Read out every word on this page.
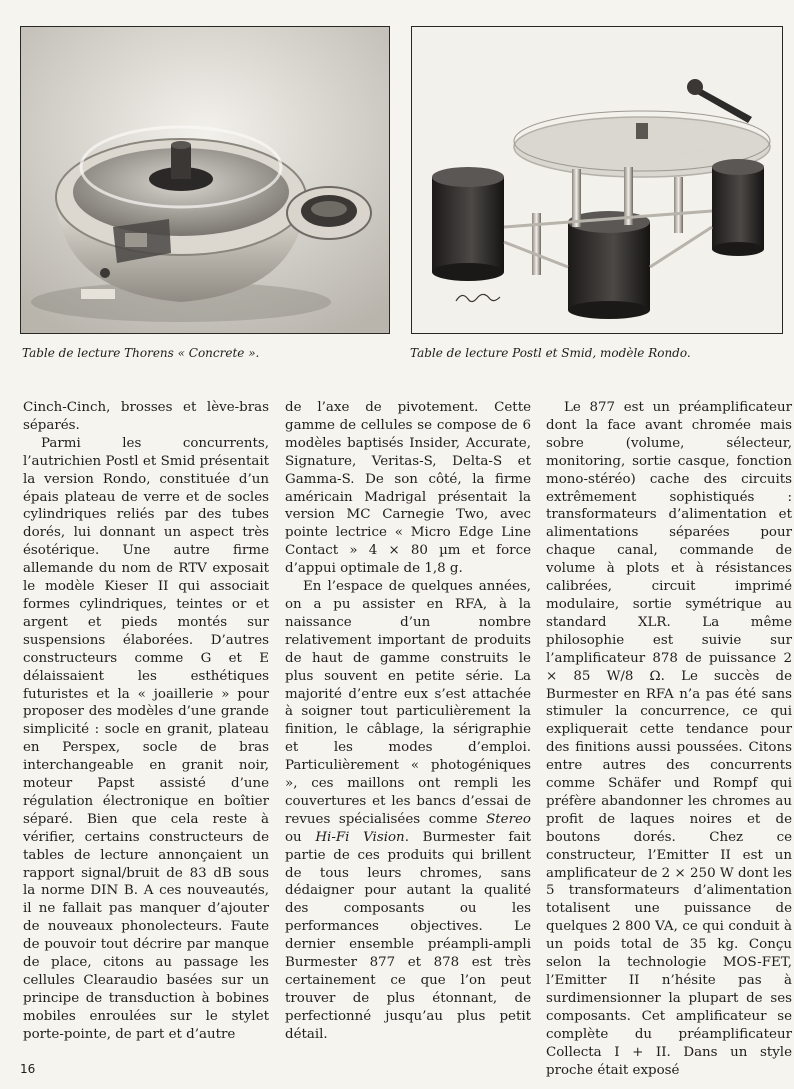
Table de lecture Thorens « Concrete ».	Table de lecture Postl et Smid, modèle Rondo.

Cinch-Cinch, brosses et lève-bras séparés.

Parmi les concurrents, l’autrichien Postl et Smid présentait la version Rondo, constituée d’un épais plateau de verre et de socles cylindriques reliés par des tubes dorés, lui donnant un aspect très ésotérique. Une autre firme allemande du nom de RTV exposait le modèle Kieser II qui associait formes cylindriques, teintes or et argent et pieds montés sur suspensions élaborées. D’autres constructeurs comme G et E délaissaient les esthétiques futuristes et la « joaillerie » pour proposer des modèles d’une grande simplicité : socle en granit, plateau en Perspex, socle de bras interchangeable en granit noir, moteur Papst assisté d’une régulation électronique en boîtier séparé. Bien que cela reste à vérifier, certains constructeurs de tables de lecture annonçaient un rapport signal/bruit de 83 dB sous la norme DIN B. A ces nouveautés, il ne fallait pas manquer d’ajouter de nouveaux phonolecteurs. Faute de pouvoir tout décrire par manque de place, citons au passage les cellules Clearaudio basées sur un principe de transduction à bobines mobiles enroulées sur le stylet porte-pointe, de part et d’autre

de l’axe de pivotement. Cette gamme de cellules se compose de 6 modèles baptisés Insider, Accurate, Signature, Veritas-S, Delta-S et Gamma-S. De son côté, la firme américain Madrigal présentait la version MC Carnegie Two, avec pointe lectrice « Micro Edge Line Contact » 4 × 80 µm et force d’appui optimale de 1,8 g.

En l’espace de quelques années, on a pu assister en RFA, à la naissance d’un nombre relativement important de produits de haut de gamme construits le plus souvent en petite série. La majorité d’entre eux s’est attachée à soigner tout particulièrement la finition, le câblage, la sérigraphie et les modes d’emploi. Particulièrement « photogéniques », ces maillons ont rempli les couvertures et les bancs d’essai de revues spécialisées comme Stereo ou Hi-Fi Vision. Burmester fait partie de ces produits qui brillent de tous leurs chromes, sans dédaigner pour autant la qualité des composants ou les performances objectives. Le dernier ensemble préampli-ampli Burmester 877 et 878 est très certainement ce que l’on peut trouver de plus étonnant, de perfectionné jusqu’au plus petit détail.

Le 877 est un préamplificateur dont la face avant chromée mais sobre (volume, sélecteur, monitoring, sortie casque, fonction mono-stéréo) cache des circuits extrêmement sophistiqués : transformateurs d’alimentation et alimentations séparées pour chaque canal, commande de volume à plots et à résistances calibrées, circuit imprimé modulaire, sortie symétrique au standard XLR. La même philosophie est suivie sur l’amplificateur 878 de puissance 2 × 85 W/8 Ω. Le succès de Burmester en RFA n’a pas été sans stimuler la concurrence, ce qui expliquerait cette tendance pour des finitions aussi poussées. Citons entre autres des concurrents comme Schäfer und Rompf qui préfère abandonner les chromes au profit de laques noires et de boutons dorés. Chez ce constructeur, l’Emitter II est un amplificateur de 2 × 250 W dont les 5 transformateurs d’alimentation totalisent une puissance de quelques 2 800 VA, ce qui conduit à un poids total de 35 kg. Conçu selon la technologie MOS-FET, l’Emitter II n’hésite pas à surdimensionner la plupart de ses composants. Cet amplificateur se complète du préamplificateur Collecta I + II. Dans un style proche était exposé

16
